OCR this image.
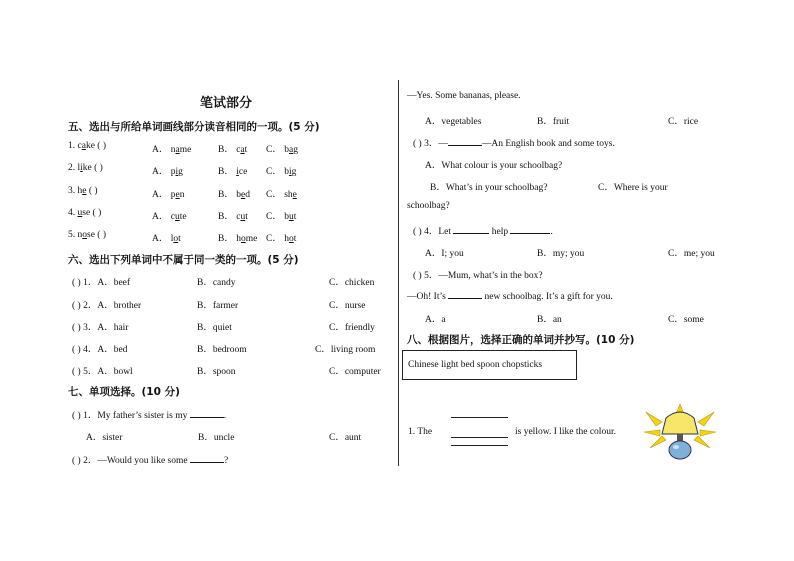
笔试部分
五、选出与所给单词画线部分读音相同的一项。(5 分)
1. cake ( )	A． name	B． cat C． bag
2. like ( )	A． pig	B． ice C． big
3. he ( )	A． pen	B． bed C． she
4. use ( )	A． cute	B． cut C． but
5. nose ( )	A． lot	B． home C． hot
六、选出下列单词中不属于同一类的一项。(5 分)
( ) 1．A．beef	B．candy	C．chicken
( ) 2．A．brother	B．farmer	C．nurse
( ) 3．A．hair	B．quiet	C．friendly
( ) 4．A．bed	B．bedroom	C．living room
( ) 5．A．bowl	B．spoon	C．computer
七、单项选择。(10 分)
( ) 1．My father’s sister is my	.
A．sister	B．uncle	C．aunt
( ) 2．—Would you like some	?
—Yes. Some bananas, please.
A．vegetables	B．fruit	C．rice
( ) 3．—	—An English book and some toys.
A．What colour is your schoolbag?
B．What’s in your schoolbag?	C．Where is your
schoolbag?
( ) 4．Let	help	.
A．I; you	B．my; you	C．me; you
( ) 5．—Mum, what’s in the box?
—Oh! It’s	new schoolbag. It’s a gift for you.
A．a	B．an	C．some
八、根据图片，选择正确的单词并抄写。(10 分)
Chinese light bed spoon chopsticks
1. The	is yellow. I like the colour.
